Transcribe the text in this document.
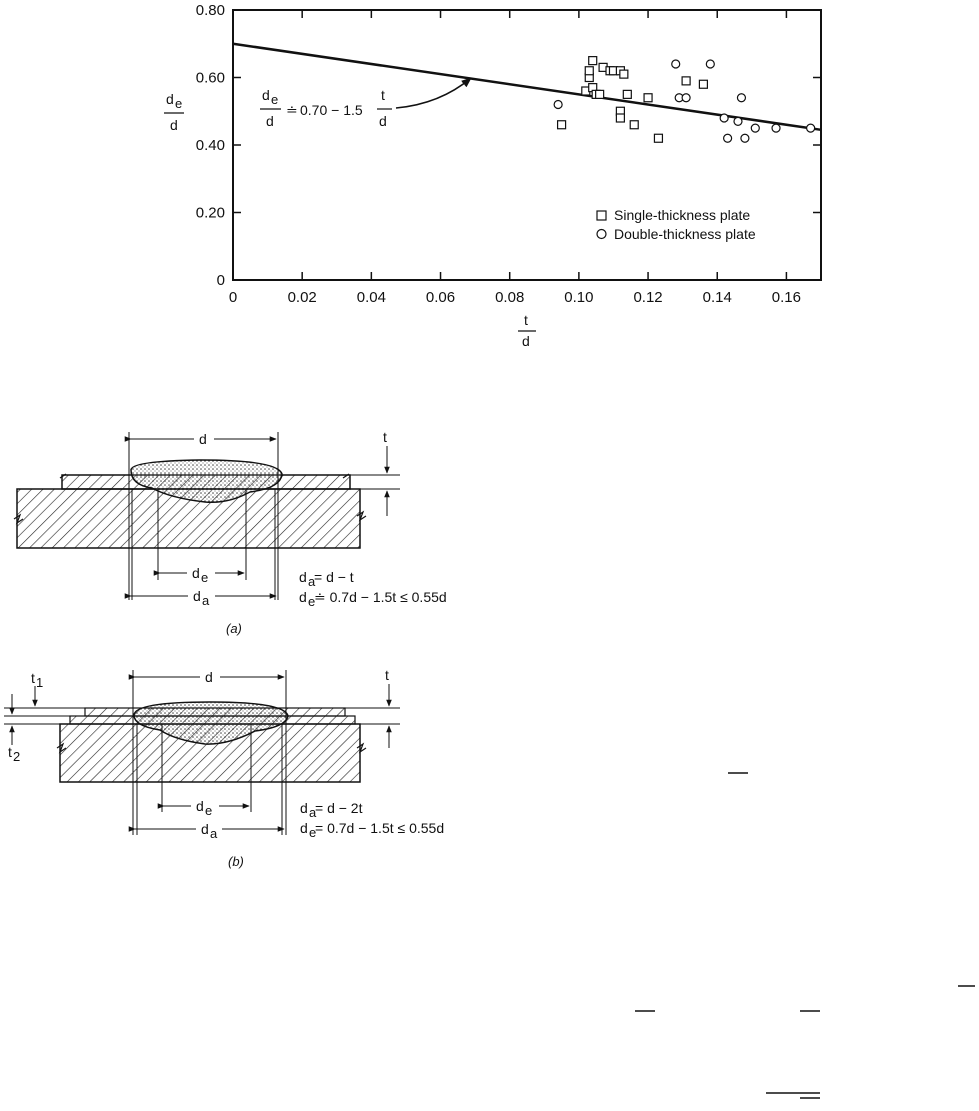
0	0.02	0.04	0.06	0.08	0.10	0.12	0.14	0.16
0
0.20
0.40
0.60
0.80
d e
d
t
d
d e
d
≐ 0.70 − 1.5
t
d
Single-thickness plate
Double-thickness plate
d	t
d e
d a
d a
= d − t
d e
≐ 0.7d − 1.5t ≤ 0.55d
(a)
d	t
t 1
t 2
d e
d a
d a
= d − 2t
d e
= 0.7d − 1.5t ≤ 0.55d
(b)
